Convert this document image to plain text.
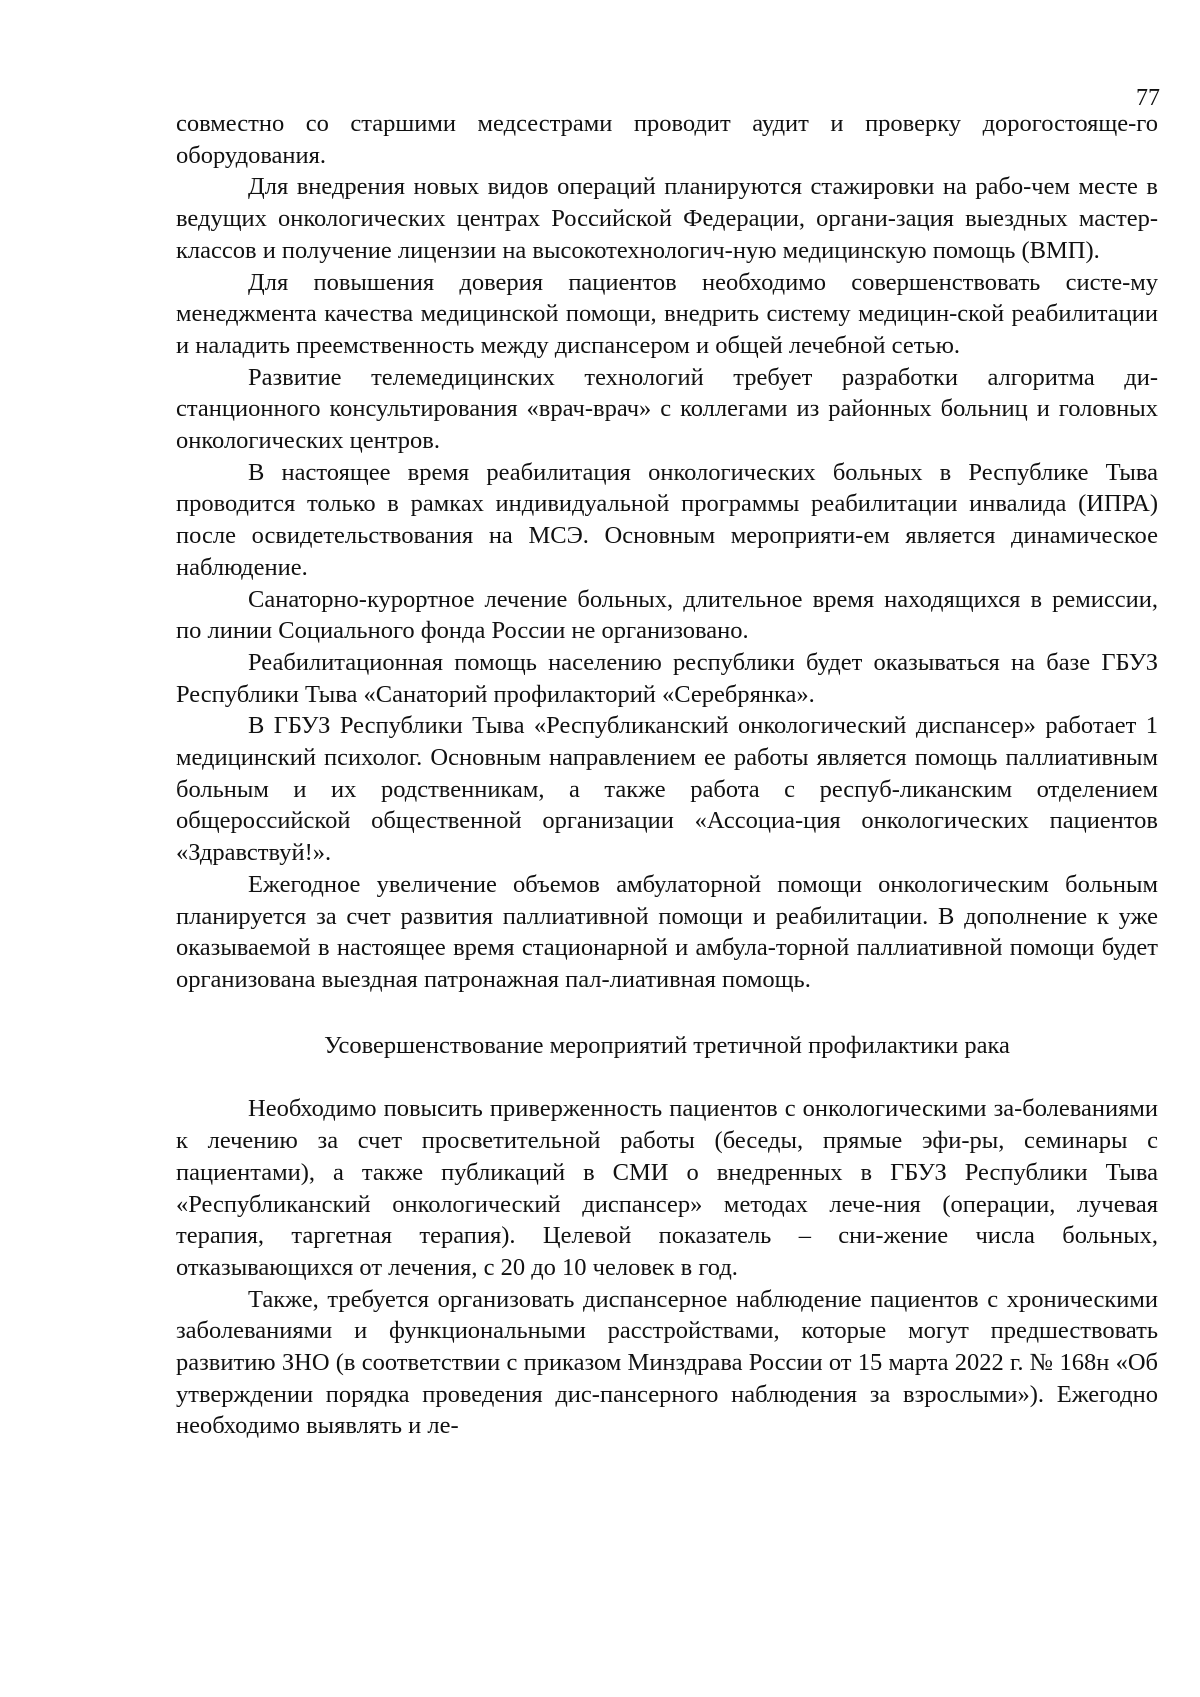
77

совместно со старшими медсестрами проводит аудит и проверку дорогостояще-го оборудования.

Для внедрения новых видов операций планируются стажировки на рабо-чем месте в ведущих онкологических центрах Российской Федерации, органи-зация выездных мастер-классов и получение лицензии на высокотехнологич-ную медицинскую помощь (ВМП).

Для повышения доверия пациентов необходимо совершенствовать систе-му менеджмента качества медицинской помощи, внедрить систему медицин-ской реабилитации и наладить преемственность между диспансером и общей лечебной сетью.

Развитие телемедицинских технологий требует разработки алгоритма ди-станционного консультирования «врач-врач» с коллегами из районных больниц и головных онкологических центров.

В настоящее время реабилитация онкологических больных в Республике Тыва проводится только в рамках индивидуальной программы реабилитации инвалида (ИПРА) после освидетельствования на МСЭ. Основным мероприяти-ем является динамическое наблюдение.

Санаторно-курортное лечение больных, длительное время находящихся в ремиссии, по линии Социального фонда России не организовано.

Реабилитационная помощь населению республики будет оказываться на базе ГБУЗ Республики Тыва «Санаторий профилакторий «Серебрянка».

В ГБУЗ Республики Тыва «Республиканский онкологический диспансер» работает 1 медицинский психолог. Основным направлением ее работы является помощь паллиативным больным и их родственникам, а также работа с респуб-ликанским отделением общероссийской общественной организации «Ассоциа-ция онкологических пациентов «Здравствуй!».

Ежегодное увеличение объемов амбулаторной помощи онкологическим больным планируется за счет развития паллиативной помощи и реабилитации. В дополнение к уже оказываемой в настоящее время стационарной и амбула-торной паллиативной помощи будет организована выездная патронажная пал-лиативная помощь.

Усовершенствование мероприятий третичной профилактики рака

Необходимо повысить приверженность пациентов с онкологическими за-болеваниями к лечению за счет просветительной работы (беседы, прямые эфи-ры, семинары с пациентами), а также публикаций в СМИ о внедренных в ГБУЗ Республики Тыва «Республиканский онкологический диспансер» методах лече-ния (операции, лучевая терапия, таргетная терапия). Целевой показатель – сни-жение числа больных, отказывающихся от лечения, с 20 до 10 человек в год.

Также, требуется организовать диспансерное наблюдение пациентов с хроническими заболеваниями и функциональными расстройствами, которые могут предшествовать развитию ЗНО (в соответствии с приказом Минздрава России от 15 марта 2022 г. № 168н «Об утверждении порядка проведения дис-пансерного наблюдения за взрослыми»). Ежегодно необходимо выявлять и ле-
